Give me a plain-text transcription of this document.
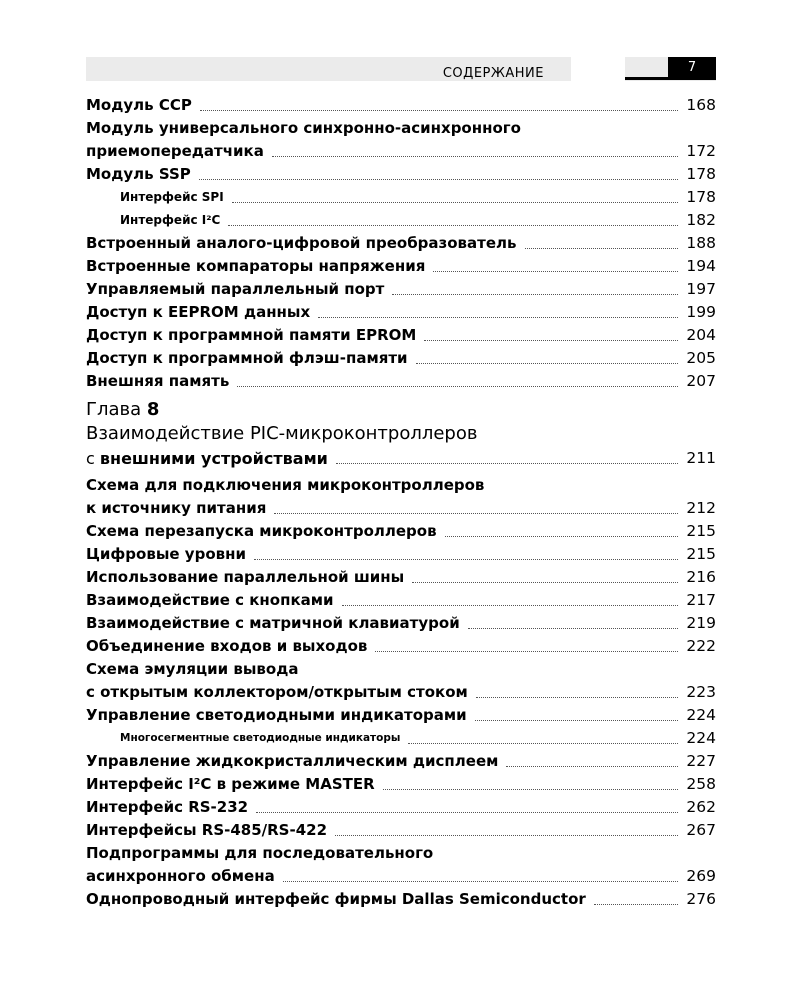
СОДЕРЖАНИЕ	7
Модуль CCP	168
Модуль универсального синхронно-асинхронного
приемопередатчика	172
Модуль SSP	178
Интерфейс SPI	178
Интерфейс I²C	182
Встроенный аналого-цифровой преобразователь	188
Встроенные компараторы напряжения	194
Управляемый параллельный порт	197
Доступ к EEPROM данных	199
Доступ к программной памяти EPROM	204
Доступ к программной флэш-памяти	205
Внешняя память	207
Глава 8
Взаимодействие PIC-микроконтроллеров
с внешними устройствами	211
Схема для подключения микроконтроллеров
к источнику питания	212
Схема перезапуска микроконтроллеров	215
Цифровые уровни	215
Использование параллельной шины	216
Взаимодействие с кнопками	217
Взаимодействие с матричной клавиатурой	219
Объединение входов и выходов	222
Схема эмуляции вывода
с открытым коллектором/открытым стоком	223
Управление светодиодными индикаторами	224
Многосегментные светодиодные индикаторы	224
Управление жидкокристаллическим дисплеем	227
Интерфейс I²C в режиме MASTER	258
Интерфейс RS-232	262
Интерфейсы RS-485/RS-422	267
Подпрограммы для последовательного
асинхронного обмена	269
Однопроводный интерфейс фирмы Dallas Semiconductor	276
